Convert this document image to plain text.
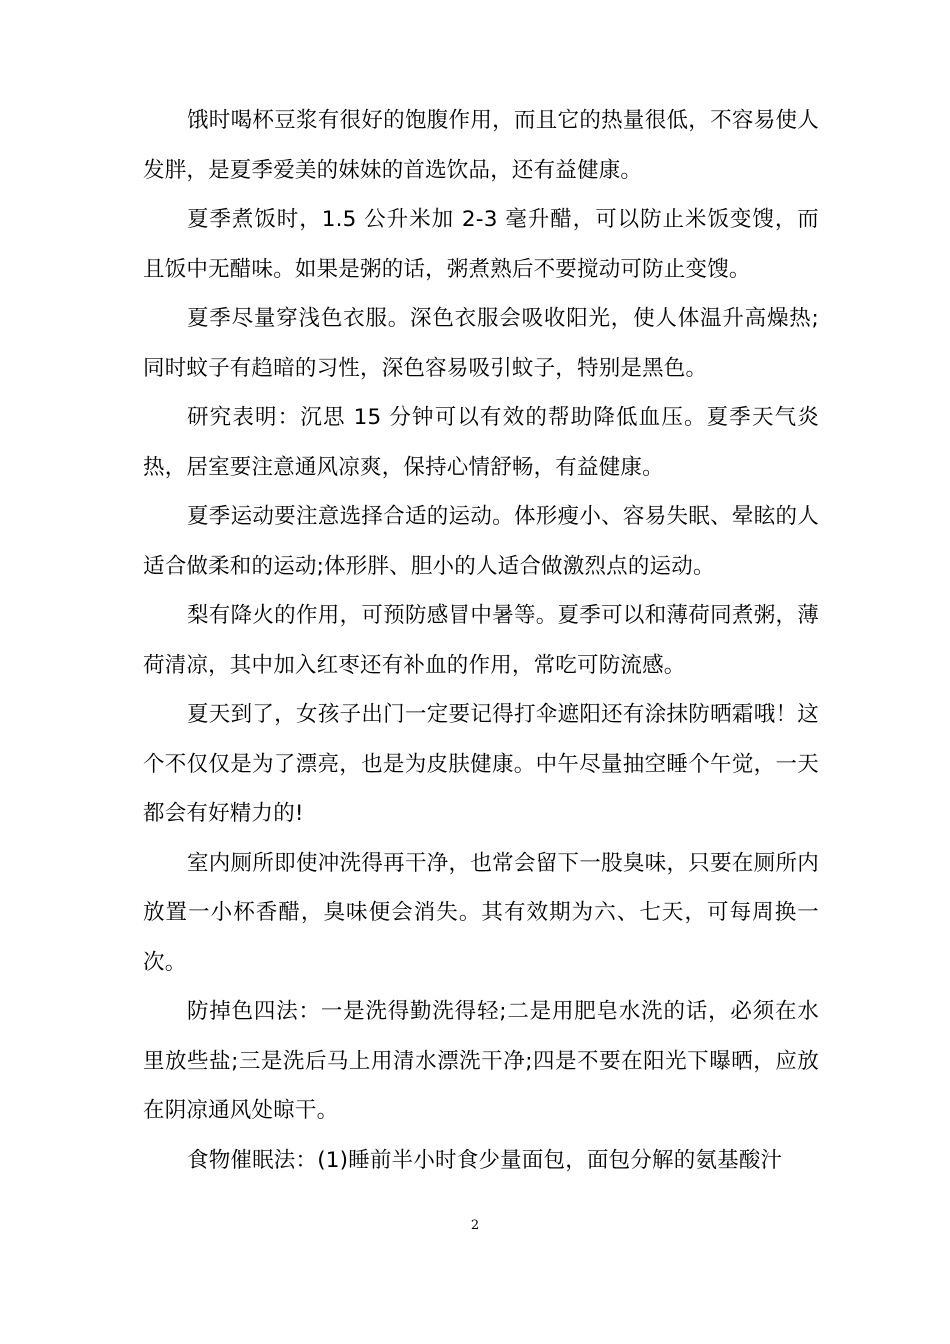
饿时喝杯豆浆有很好的饱腹作用，而且它的热量很低，不容易使人发胖，是夏季爱美的妹妹的首选饮品，还有益健康。

夏季煮饭时，1.5 公升米加 2-3 毫升醋，可以防止米饭变馊，而且饭中无醋味。如果是粥的话，粥煮熟后不要搅动可防止变馊。

夏季尽量穿浅色衣服。深色衣服会吸收阳光，使人体温升高燥热;同时蚊子有趋暗的习性，深色容易吸引蚊子，特别是黑色。

研究表明：沉思 15 分钟可以有效的帮助降低血压。夏季天气炎热，居室要注意通风凉爽，保持心情舒畅，有益健康。

夏季运动要注意选择合适的运动。体形瘦小、容易失眠、晕眩的人适合做柔和的运动;体形胖、胆小的人适合做激烈点的运动。

梨有降火的作用，可预防感冒中暑等。夏季可以和薄荷同煮粥，薄荷清凉，其中加入红枣还有补血的作用，常吃可防流感。

夏天到了，女孩子出门一定要记得打伞遮阳还有涂抹防晒霜哦！这个不仅仅是为了漂亮，也是为皮肤健康。中午尽量抽空睡个午觉，一天都会有好精力的!

室内厕所即使冲洗得再干净，也常会留下一股臭味，只要在厕所内放置一小杯香醋，臭味便会消失。其有效期为六、七天，可每周换一次。

防掉色四法：一是洗得勤洗得轻;二是用肥皂水洗的话，必须在水里放些盐;三是洗后马上用清水漂洗干净;四是不要在阳光下曝晒，应放在阴凉通风处晾干。

食物催眠法：(1)睡前半小时食少量面包，面包分解的氨基酸汁

2
